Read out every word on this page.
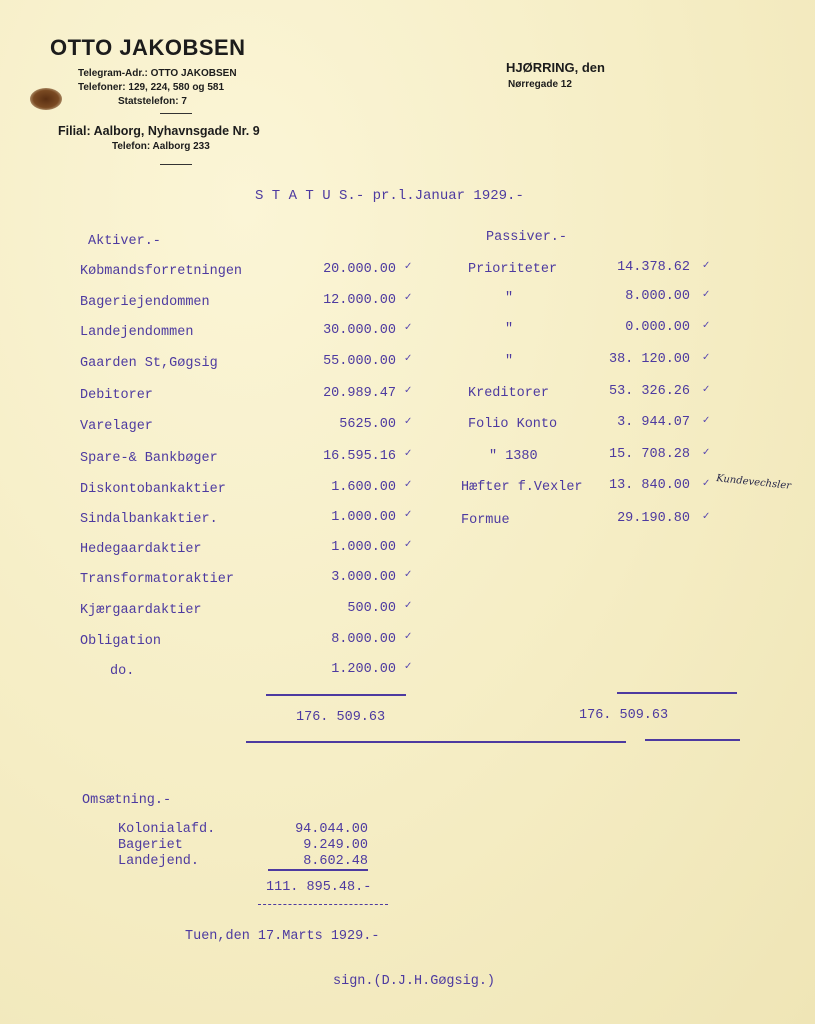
OTTO JAKOBSEN
Telegram-Adr.: OTTO JAKOBSEN
Telefoner: 129, 224, 580 og 581
Statstelefon: 7
Filial: Aalborg, Nyhavnsgade Nr. 9
Telefon: Aalborg 233
HJØRRING, den
Nørregade 12
S T A T U S.- pr.l.Januar 1929.-
Aktiver.-
Købmandsforretningen	20.000.00 ✓
Bageriejendommen	12.000.00 ✓
Landejendommen	30.000.00 ✓
Gaarden St,Gøgsig	55.000.00 ✓
Debitorer	20.989.47 ✓
Varelager	5625.00 ✓
Spare-& Bankbøger	16.595.16 ✓
Diskontobankaktier	1.600.00 ✓
Sindalbankaktier.	1.000.00 ✓
Hedegaardaktier	1.000.00 ✓
Transformatoraktier	3.000.00 ✓
Kjærgaardaktier	500.00 ✓
Obligation	8.000.00 ✓
do.	1.200.00 ✓
Passiver.-
Prioriteter	14.378.62 ✓
"	8.000.00 ✓
"	0.000.00 ✓
"	38. 120.00 ✓
Kreditorer	53. 326.26 ✓
Folio Konto	3. 944.07 ✓
" 1380	15. 708.28 ✓
Hæfter f.Vexler 13. 840.00 ✓
Formue	29.190.80 ✓
Kundevechsler
176. 509.63	176. 509.63
Omsætning.-
Kolonialafd.	94.044.00
Bageriet	9.249.00
Landejend.	8.602.48
111. 895.48.-
Tuen,den 17.Marts 1929.-
sign.(D.J.H.Gøgsig.)
